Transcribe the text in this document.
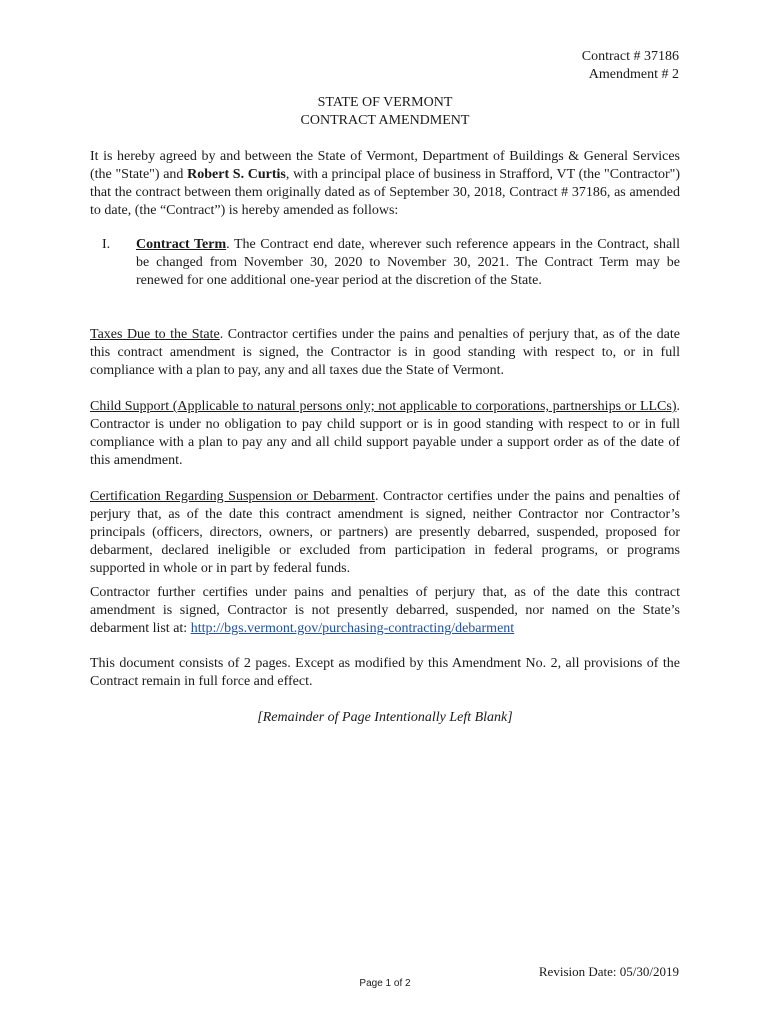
Contract # 37186
Amendment # 2
STATE OF VERMONT
CONTRACT AMENDMENT
It is hereby agreed by and between the State of Vermont, Department of Buildings & General Services (the "State") and Robert S. Curtis, with a principal place of business in Strafford, VT (the "Contractor") that the contract between them originally dated as of September 30, 2018, Contract # 37186, as amended to date, (the “Contract”) is hereby amended as follows:
I. Contract Term. The Contract end date, wherever such reference appears in the Contract, shall be changed from November 30, 2020 to November 30, 2021. The Contract Term may be renewed for one additional one-year period at the discretion of the State.
Taxes Due to the State. Contractor certifies under the pains and penalties of perjury that, as of the date this contract amendment is signed, the Contractor is in good standing with respect to, or in full compliance with a plan to pay, any and all taxes due the State of Vermont.
Child Support (Applicable to natural persons only; not applicable to corporations, partnerships or LLCs). Contractor is under no obligation to pay child support or is in good standing with respect to or in full compliance with a plan to pay any and all child support payable under a support order as of the date of this amendment.
Certification Regarding Suspension or Debarment. Contractor certifies under the pains and penalties of perjury that, as of the date this contract amendment is signed, neither Contractor nor Contractor’s principals (officers, directors, owners, or partners) are presently debarred, suspended, proposed for debarment, declared ineligible or excluded from participation in federal programs, or programs supported in whole or in part by federal funds.
Contractor further certifies under pains and penalties of perjury that, as of the date this contract amendment is signed, Contractor is not presently debarred, suspended, nor named on the State’s debarment list at: http://bgs.vermont.gov/purchasing-contracting/debarment
This document consists of 2 pages. Except as modified by this Amendment No. 2, all provisions of the Contract remain in full force and effect.
[Remainder of Page Intentionally Left Blank]
Revision Date: 05/30/2019
Page 1 of 2
